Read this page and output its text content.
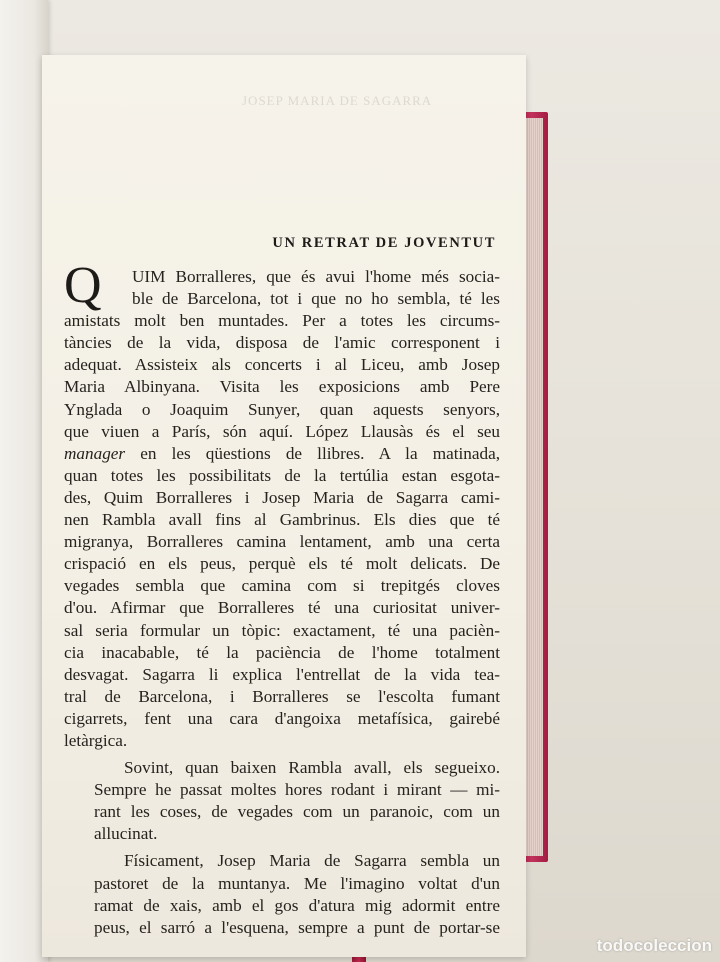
JOSEP MARIA DE SAGARRA
UN RETRAT DE JOVENTUT
Q	UIM Borralleres, que és avui l'home més socia-
ble de Barcelona, tot i que no ho sembla, té les
amistats molt ben muntades. Per a totes les circums-
tàncies de la vida, disposa de l'amic corresponent i
adequat. Assisteix als concerts i al Liceu, amb Josep
Maria Albinyana. Visita les exposicions amb Pere
Ynglada o Joaquim Sunyer, quan aquests senyors,
que viuen a París, són aquí. López Llausàs és el seu
manager en les qüestions de llibres. A la matinada,
quan totes les possibilitats de la tertúlia estan esgota-
des, Quim Borralleres i Josep Maria de Sagarra cami-
nen Rambla avall fins al Gambrinus. Els dies que té
migranya, Borralleres camina lentament, amb una certa
crispació en els peus, perquè els té molt delicats. De
vegades sembla que camina com si trepitgés cloves
d'ou. Afirmar que Borralleres té una curiositat univer-
sal seria formular un tòpic: exactament, té una pacièn-
cia inacabable, té la paciència de l'home totalment
desvagat. Sagarra li explica l'entrellat de la vida tea-
tral de Barcelona, i Borralleres se l'escolta fumant
cigarrets, fent una cara d'angoixa metafísica, gairebé
letàrgica.
Sovint, quan baixen Rambla avall, els segueixo.
Sempre he passat moltes hores rodant i mirant — mi-
rant les coses, de vegades com un paranoic, com un
allucinat.
Físicament, Josep Maria de Sagarra sembla un
pastoret de la muntanya. Me l'imagino voltat d'un
ramat de xais, amb el gos d'atura mig adormit entre
peus, el sarró a l'esquena, sempre a punt de portar-se
todocoleccion
